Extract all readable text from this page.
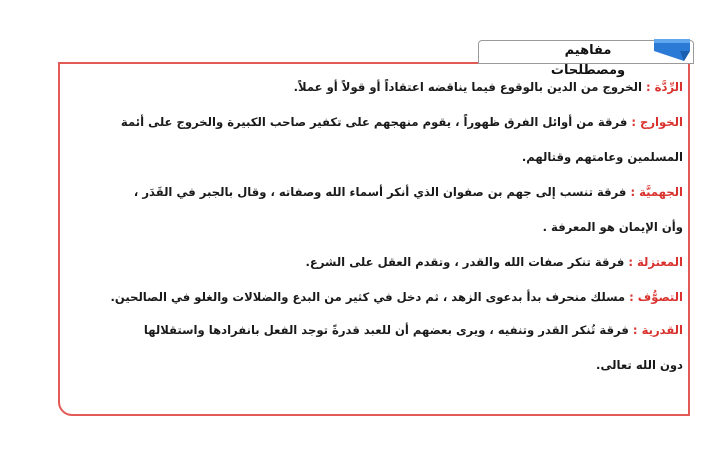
مفاهيم ومصطلحات
الرِّدَّة : الخروج من الدين بالوقوع فيما يناقضه اعتقاداً أو قولاً أو عملاً.
الخوارج : فرقة من أوائل الفرق ظهوراً ، يقوم منهجهم على تكفير صاحب الكبيرة والخروج على أئمة
المسلمين وعامتهم وقتالهم.
الجهميَّة : فرقة تنسب إلى جهم بن صفوان الذي أنكر أسماء الله وصفاته ، وقال بالجبر في القَدَر ،
وأن الإيمان هو المعرفة .
المعتزلة : فرقة تنكر صفات الله والقدر ، وتقدم العقل على الشرع.
التصوُّف : مسلك منحرف بدأ بدعوى الزهد ، ثم دخل في كثير من البدع والضلالات والغلو في الصالحين.
القدرية : فرقة تُنكر القدر وتنفيه ، ويرى بعضهم أن للعبد قدرةً توجد الفعل بانفرادها واستقلالها
دون الله تعالى.
